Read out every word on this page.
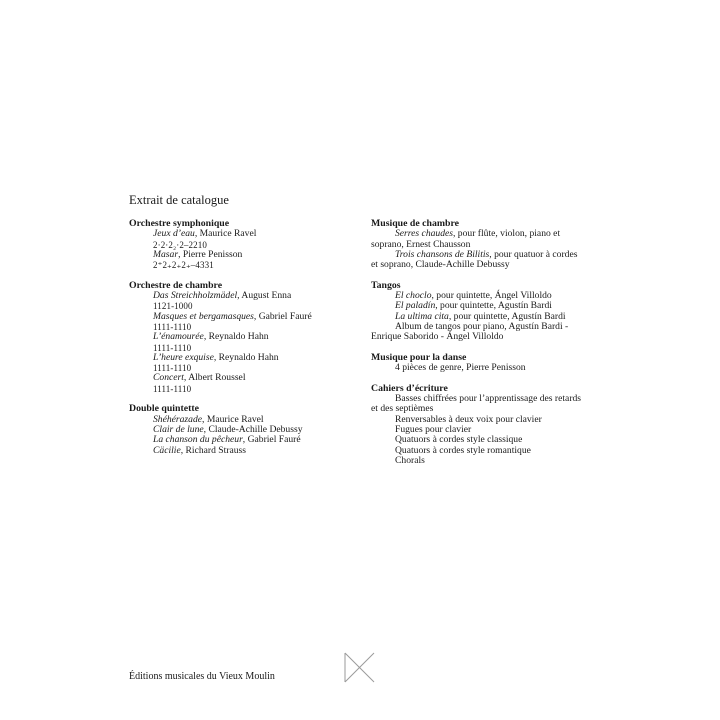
Extrait de catalogue
Orchestre symphonique
Jeux d’eau, Maurice Ravel
2·2·2₂·2–2210
Masar, Pierre Penisson
2⁺2₊2₊2₊–4331
Orchestre de chambre
Das Streichholzmädel, August Enna
1121-1000
Masques et bergamasques, Gabriel Fauré
1111-1110
L’énamourée, Reynaldo Hahn
1111-1110
L’heure exquise, Reynaldo Hahn
1111-1110
Concert, Albert Roussel
1111-1110
Double quintette
Shéhérazade, Maurice Ravel
Clair de lune, Claude-Achille Debussy
La chanson du pêcheur, Gabriel Fauré
Cäcilie, Richard Strauss
Musique de chambre
Serres chaudes, pour flûte, violon, piano et soprano, Ernest Chausson
Trois chansons de Bilitis, pour quatuor à cordes et soprano, Claude-Achille Debussy
Tangos
El choclo, pour quintette, Ángel Villoldo
El paladín, pour quintette, Agustín Bardi
La ultima cita, pour quintette, Agustín Bardi
Album de tangos pour piano, Agustín Bardi - Enrique Saborido - Ángel Villoldo
Musique pour la danse
4 pièces de genre, Pierre Penisson
Cahiers d’écriture
Basses chiffrées pour l’apprentissage des retards et des septièmes
Renversables à deux voix pour clavier
Fugues pour clavier
Quatuors à cordes style classique
Quatuors à cordes style romantique
Chorals
Éditions musicales du Vieux Moulin
